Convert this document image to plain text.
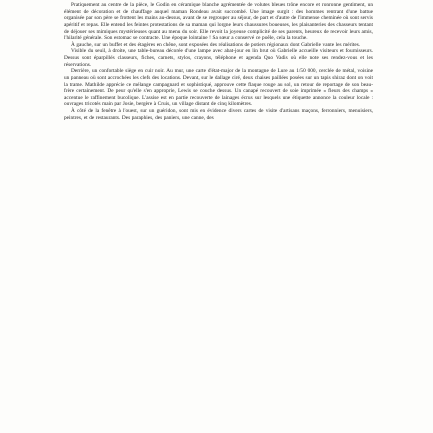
Pratiquement au centre de la pièce, le Godin en céramique blanche agrémentée de volutes bleues trône encore et ronronne gentiment, un élément de décoration et de chauffage auquel maman Rondeau avait succombé. Une image surgit : des hommes rentrant d'une battue organisée par son père se frottent les mains au-dessus, avant de se regrouper au séjour, de part et d'autre de l'immense cheminée où sont servis apéritif et repas. Elle entend les feintes protestations de sa maman qui lorgne leurs chaussures boueuses, les plaisanteries des chasseurs tentant de déjouer ses mimiques mystérieuses quant au menu du soir. Elle revoit la joyeuse complicité de ses parents, heureux de recevoir leurs amis, l'hilarité générale. Son estomac se contracte. Une époque lointaine ! Sa sœur a conservé ce poêle, cela la touche.

À gauche, sur un buffet et des étagères en chêne, sont exposées des réalisations de potiers régionaux dont Gabrielle vante les mérites.

Visible du seuil, à droite, une table-bureau décorée d'une lampe avec abat-jour en lin brut où Gabrielle accueille visiteurs et fournisseurs. Dessus sont éparpillés classeurs, fiches, carnets, stylos, crayons, téléphone et agenda Quo Vadis où elle note ses rendez-vous et les réservations.

Derrière, un confortable siège en cuir noir. Au mur, une carte d'état-major de la montagne de Lure au 1/50 000, cerclée de métal, voisine un panneau où sont accrochées les clefs des locations. Devant, sur le dallage ciré, deux chaises paillées posées sur un tapis shiraz dont on voit la trame. Mathilde apprécie ce mélange campagnard et sophistiqué, approuve cette flaque rouge au sol, un retour de reportage de son beau-frère certainement. De peur qu'elle s'en approprie, Lewis se couche dessus. Un canapé recouvert de soie imprimée « fleurs des champs » accentue le raffinement bucolique. L'assise est en partie recouverte de lainages écrus sur lesquels une étiquette annonce la couleur locale : ouvrages tricotés main par Josie, bergère à Cruis, un village distant de cinq kilomètres.

À côté de la fenêtre à l'ouest, sur un guéridon, sont mis en évidence divers cartes de visite d'artisans maçons, ferronniers, menuisiers, peintres, et de restaurants. Des paraphies, des paniers, une canne, des
